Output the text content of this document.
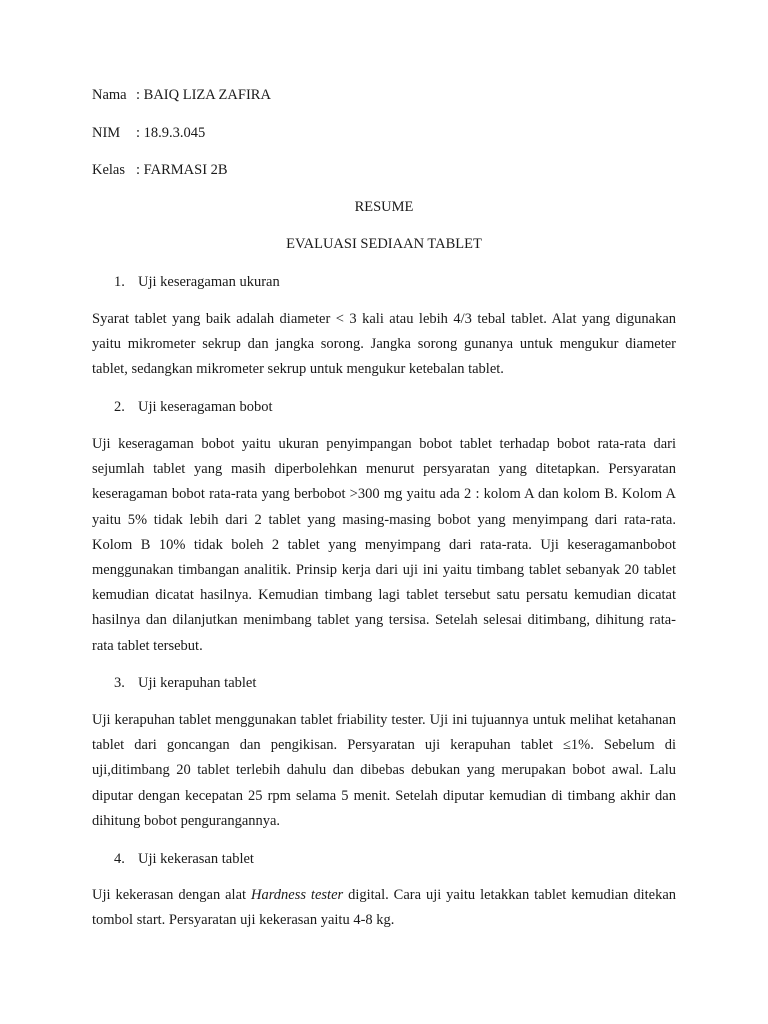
Nama : BAIQ LIZA ZAFIRA
NIM : 18.9.3.045
Kelas : FARMASI 2B
RESUME
EVALUASI SEDIAAN TABLET
1. Uji keseragaman ukuran

Syarat tablet yang baik adalah diameter < 3 kali atau lebih 4/3 tebal tablet. Alat yang digunakan yaitu mikrometer sekrup dan jangka sorong. Jangka sorong gunanya untuk mengukur diameter tablet, sedangkan mikrometer sekrup untuk mengukur ketebalan tablet.

2. Uji keseragaman bobot

Uji keseragaman bobot yaitu ukuran penyimpangan bobot tablet terhadap bobot rata-rata dari sejumlah tablet yang masih diperbolehkan menurut persyaratan yang ditetapkan. Persyaratan keseragaman bobot rata-rata yang berbobot >300 mg yaitu ada 2 : kolom A dan kolom B. Kolom A yaitu 5% tidak lebih dari 2 tablet yang masing-masing bobot yang menyimpang dari rata-rata. Kolom B 10% tidak boleh 2 tablet yang menyimpang dari rata-rata. Uji keseragamanbobot menggunakan timbangan analitik. Prinsip kerja dari uji ini yaitu timbang tablet sebanyak 20 tablet kemudian dicatat hasilnya. Kemudian timbang lagi tablet tersebut satu persatu kemudian dicatat hasilnya dan dilanjutkan menimbang tablet yang tersisa. Setelah selesai ditimbang, dihitung rata-rata tablet tersebut.

3. Uji kerapuhan tablet

Uji kerapuhan tablet menggunakan tablet friability tester. Uji ini tujuannya untuk melihat ketahanan tablet dari goncangan dan pengikisan. Persyaratan uji kerapuhan tablet ≤1%. Sebelum di uji,ditimbang 20 tablet terlebih dahulu dan dibebas debukan yang merupakan bobot awal. Lalu diputar dengan kecepatan 25 rpm selama 5 menit. Setelah diputar kemudian di timbang akhir dan dihitung bobot pengurangannya.

4. Uji kekerasan tablet

Uji kekerasan dengan alat Hardness tester digital. Cara uji yaitu letakkan tablet kemudian ditekan tombol start. Persyaratan uji kekerasan yaitu 4-8 kg.
